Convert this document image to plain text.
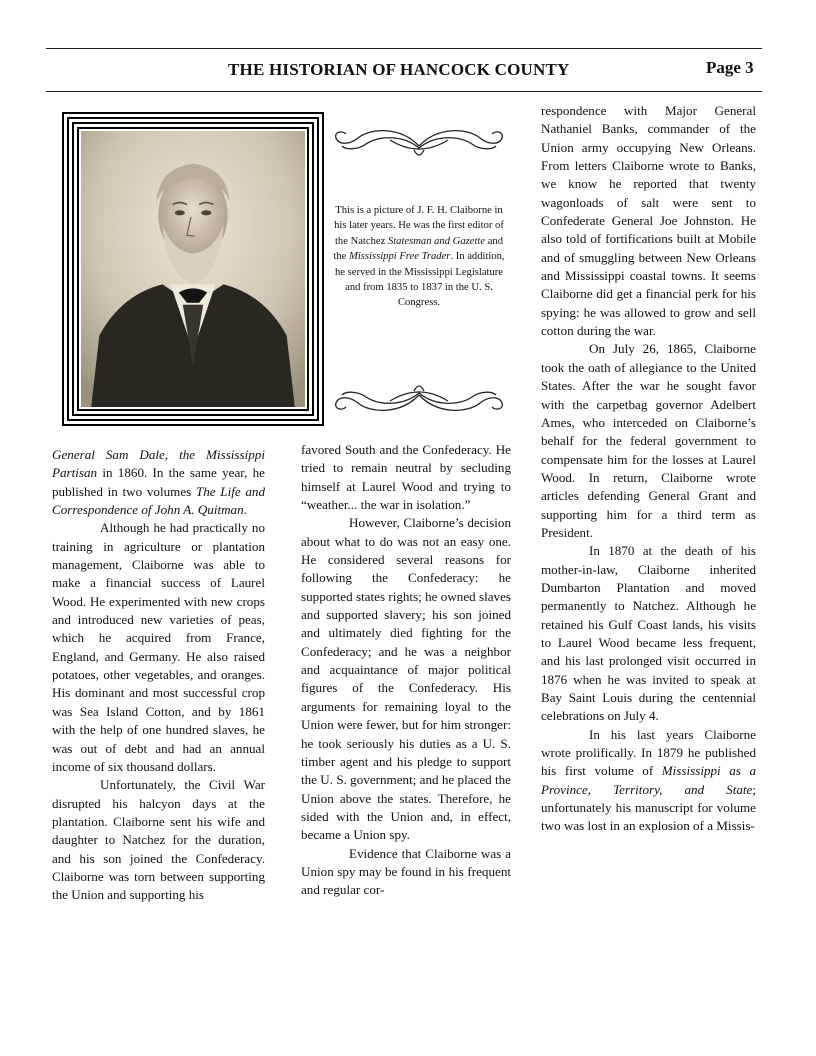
THE HISTORIAN OF HANCOCK COUNTY	Page 3
This is a picture of J. F. H. Claiborne in his later years. He was the first editor of the Natchez Statesman and Gazette and the Mississippi Free Trader. In addition, he served in the Mississippi Legislature and from 1835 to 1837 in the U. S. Congress.

General Sam Dale, the Mississippi Partisan in 1860. In the same year, he published in two volumes The Life and Correspondence of John A. Quitman.

Although he had practically no training in agriculture or plantation management, Claiborne was able to make a financial success of Laurel Wood. He experimented with new crops and introduced new varieties of peas, which he acquired from France, England, and Germany. He also raised potatoes, other vegetables, and oranges. His dominant and most successful crop was Sea Island Cotton, and by 1861 with the help of one hundred slaves, he was out of debt and had an annual income of six thousand dollars.

Unfortunately, the Civil War disrupted his halcyon days at the plantation. Claiborne sent his wife and daughter to Natchez for the duration, and his son joined the Confederacy. Claiborne was torn between supporting the Union and supporting his

favored South and the Confederacy. He tried to remain neutral by secluding himself at Laurel Wood and trying to “weather... the war in isolation.”

However, Claiborne’s decision about what to do was not an easy one. He considered several reasons for following the Confederacy: he supported states rights; he owned slaves and supported slavery; his son joined and ultimately died fighting for the Confederacy; and he was a neighbor and acquaintance of major political figures of the Confederacy. His arguments for remaining loyal to the Union were fewer, but for him stronger: he took seriously his duties as a U. S. timber agent and his pledge to support the U. S. government; and he placed the Union above the states. Therefore, he sided with the Union and, in effect, became a Union spy.

Evidence that Claiborne was a Union spy may be found in his frequent and regular cor-

respondence with Major General Nathaniel Banks, commander of the Union army occupying New Orleans. From letters Claiborne wrote to Banks, we know he reported that twenty wagonloads of salt were sent to Confederate General Joe Johnston. He also told of fortifications built at Mobile and of smuggling between New Orleans and Mississippi coastal towns. It seems Claiborne did get a financial perk for his spying: he was allowed to grow and sell cotton during the war.

On July 26, 1865, Claiborne took the oath of allegiance to the United States. After the war he sought favor with the carpetbag governor Adelbert Ames, who interceded on Claiborne’s behalf for the federal government to compensate him for the losses at Laurel Wood. In return, Claiborne wrote articles defending General Grant and supporting him for a third term as President.

In 1870 at the death of his mother-in-law, Claiborne inherited Dumbarton Plantation and moved permanently to Natchez. Although he retained his Gulf Coast lands, his visits to Laurel Wood became less frequent, and his last prolonged visit occurred in 1876 when he was invited to speak at Bay Saint Louis during the centennial celebrations on July 4.

In his last years Claiborne wrote prolifically. In 1879 he published his first volume of Mississippi as a Province, Territory, and State; unfortunately his manuscript for volume two was lost in an explosion of a Missis-
